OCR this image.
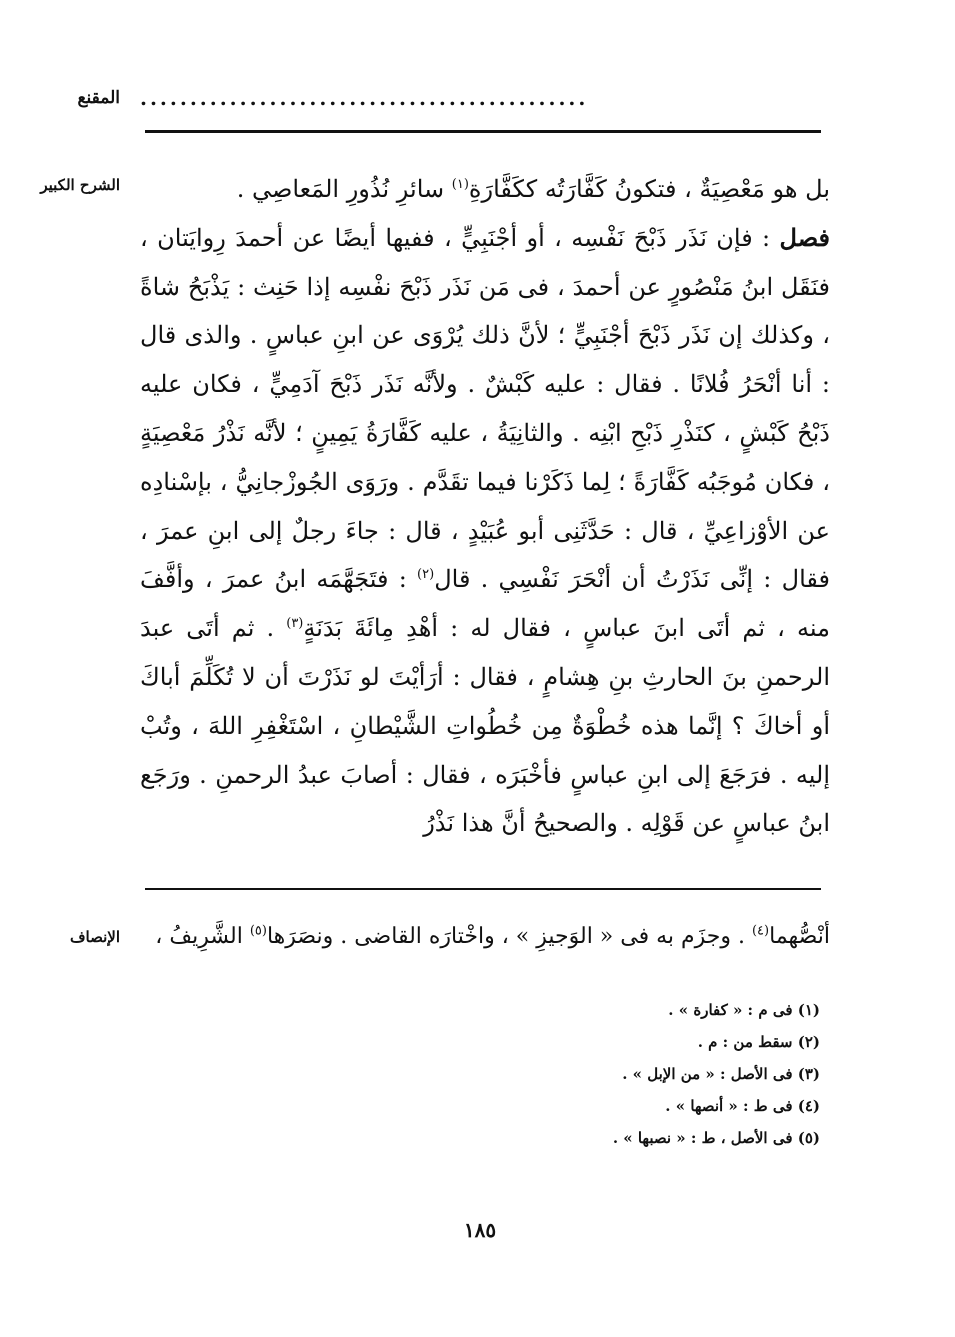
المقنع .............................................
الشرح الكبير	بل هو مَعْصِيَةٌ ، فتكونُ كَفَّارَتُه ككَفَّارَةِ$^{(١)}$ سائرِ نُذُورِ المَعاصِي .

فصل : فإن نَذَر ذَبْحَ نَفْسِه ، أو أجْنَبِيٍّ ، ففيها أيضًا عن أحمدَ رِوايَتان ، فنَقَل ابنُ مَنْصُورٍ عن أحمدَ ، فى مَن نَذَر ذَبْحَ نفْسِه إذا حَنِث : يَذْبَحُ شاةً ، وكذلك إن نَذَر ذَبْحَ أجْنَبِيٍّ ؛ لأنَّ ذلك يُرْوَى عن ابنِ عباسٍ . والذى قال : أنا أنْحَرُ فُلانًا . فقال : عليه كَبْشٌ . ولأنَّه نَذَر ذَبْحَ آدَمِيٍّ ، فكان عليه ذَبْحُ كَبْشٍ ، كنَذْرِ ذَبْحِ ابْنِه . والثانِيَةُ ، عليه كَفَّارَةُ يَمِينٍ ؛ لأنَّه نَذْرُ مَعْصِيَةٍ ، فكان مُوجَبُه كَفَّارَةً ؛ لِما ذَكَرْنا فيما تقَدَّم . ورَوَى الجُوزْجانِيُّ ، بإسْنادِه عن الأوْزاعِيِّ ، قال : حَدَّثَنِى أبو عُبَيْدٍ ، قال : جاءَ رجلٌ إلى ابنِ عمرَ ، فقال : إنِّى نَذَرْتُ أن أنْحَرَ نَفْسِي . قال$^{(٢)}$ : فتَجَهَّمَه ابنُ عمرَ ، وأفَّفَ منه ، ثم أتَى ابنَ عباسٍ ، فقال له : أهْدِ مِائَةَ بَدَنَةٍ$^{(٣)}$ . ثم أتَى عبدَ الرحمنِ بنَ الحارثِ بنِ هِشامٍ ، فقال : أرَأيْتَ لو نَذَرْتَ أن لا تُكَلِّمَ أباكَ أو أخاكَ ؟ إنَّما هذه خُطْوَةٌ مِن خُطُواتِ الشَّيْطانِ ، اسْتَغْفِرِ اللهَ ، وتُبْ إليه . فرَجَعَ إلى ابنِ عباسٍ فأخْبَرَه ، فقال : أصابَ عبدُ الرحمنِ . ورَجَع ابنُ عباسٍ عن قَوْلِه . والصحيحُ أنَّ هذا نَذْرُ

الإنصاف	أنْصُّهما$^{(٤)}$ . وجزَم به فى « الوَجيزِ » ، واخْتارَه القاضى . ونصَرَها$^{(٥)}$ الشَّرِيفُ ،
(١) فى م : « كفارة » .
(٢) سقط من : م .
(٣) فى الأصل : « من الإبل » .
(٤) فى ط : « أنصها » .
(٥) فى الأصل ، ط : « نصبها » .
١٨٥
